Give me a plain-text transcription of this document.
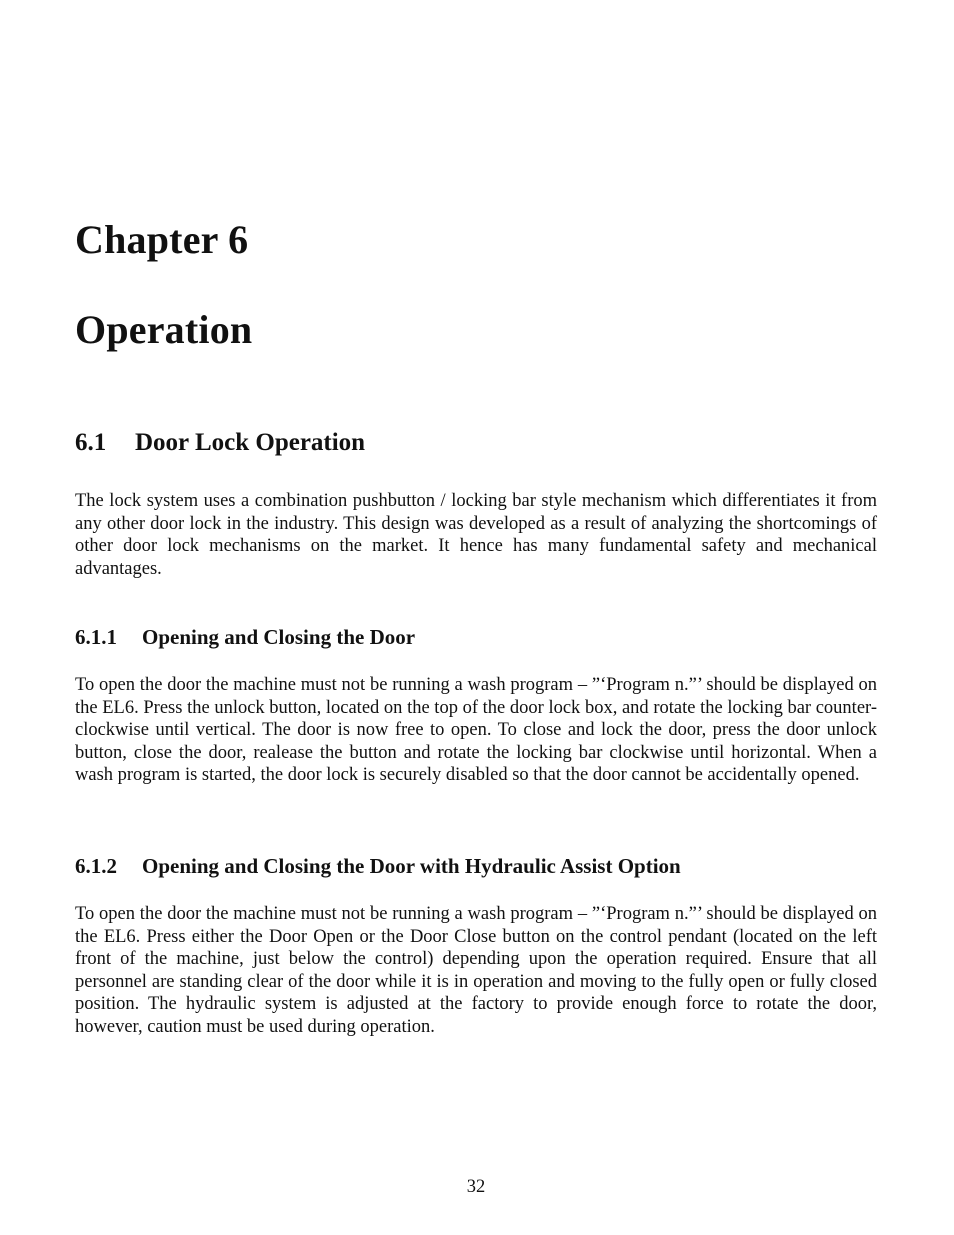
Chapter 6
Operation
6.1 Door Lock Operation

The lock system uses a combination pushbutton / locking bar style mechanism which differentiates it from any other door lock in the industry. This design was developed as a result of analyzing the shortcomings of other door lock mechanisms on the market. It hence has many fundamental safety and mechanical advantages.

6.1.1 Opening and Closing the Door

To open the door the machine must not be running a wash program – ”‘Program n.”’ should be displayed on the EL6. Press the unlock button, located on the top of the door lock box, and rotate the locking bar counter-clockwise until vertical. The door is now free to open. To close and lock the door, press the door unlock button, close the door, realease the button and rotate the locking bar clockwise until horizontal. When a wash program is started, the door lock is securely disabled so that the door cannot be accidentally opened.

6.1.2 Opening and Closing the Door with Hydraulic Assist Option

To open the door the machine must not be running a wash program – ”‘Program n.”’ should be displayed on the EL6. Press either the Door Open or the Door Close button on the control pendant (located on the left front of the machine, just below the control) depending upon the operation required. Ensure that all personnel are standing clear of the door while it is in operation and moving to the fully open or fully closed position. The hydraulic system is adjusted at the factory to provide enough force to rotate the door, however, caution must be used during operation.

32
